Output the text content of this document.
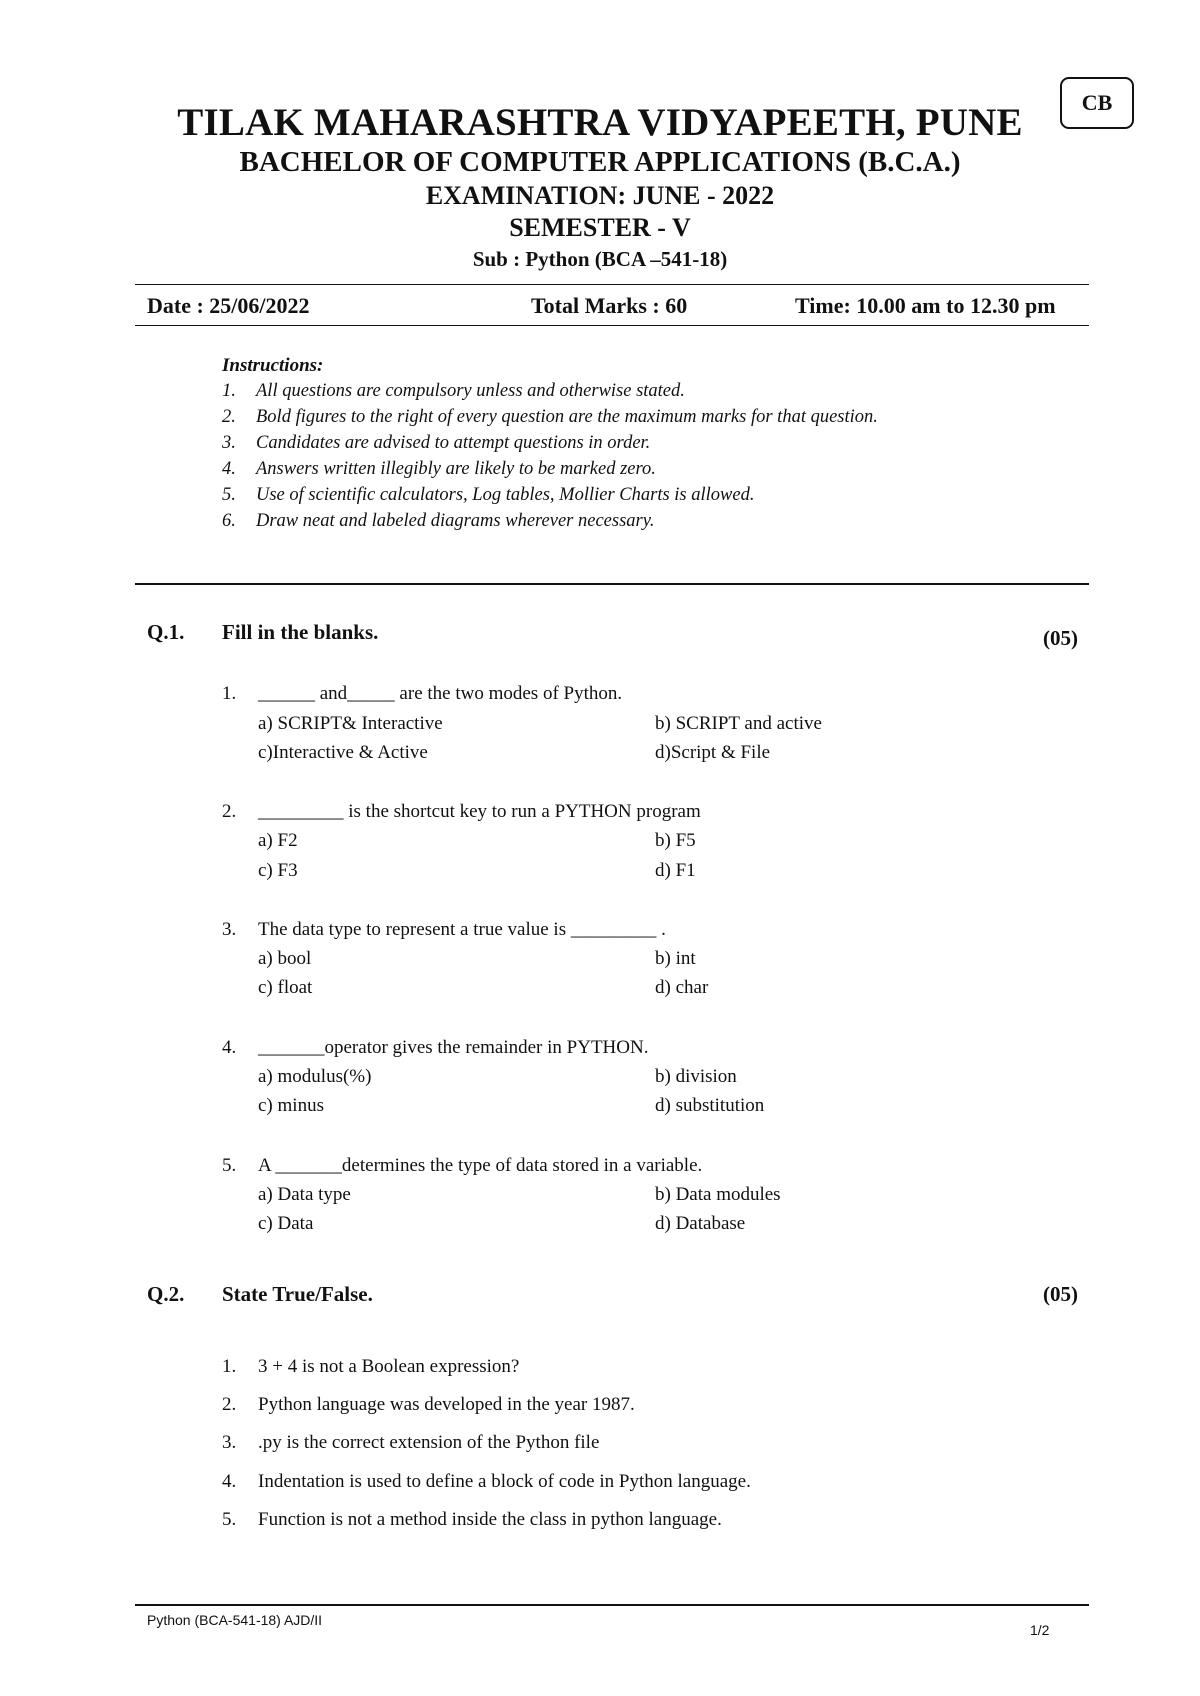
CB
TILAK MAHARASHTRA VIDYAPEETH, PUNE
BACHELOR OF COMPUTER APPLICATIONS (B.C.A.)
EXAMINATION: JUNE - 2022
SEMESTER - V
Sub : Python (BCA –541-18)
Date : 25/06/2022	Total Marks : 60	Time: 10.00 am to 12.30 pm
Instructions:
1. All questions are compulsory unless and otherwise stated.
2. Bold figures to the right of every question are the maximum marks for that question.
3. Candidates are advised to attempt questions in order.
4. Answers written illegibly are likely to be marked zero.
5. Use of scientific calculators, Log tables, Mollier Charts is allowed.
6. Draw neat and labeled diagrams wherever necessary.
Q.1. Fill in the blanks.	(05)
1. ______ and_____ are the two modes of Python.
a) SCRIPT& Interactive	b) SCRIPT and active
c)Interactive & Active	d)Script & File
2. _________ is the shortcut key to run a PYTHON program
a) F2	b) F5
c) F3	d) F1
3. The data type to represent a true value is _________ .
a) bool	b) int
c) float	d) char
4. _______operator gives the remainder in PYTHON.
a) modulus(%)	b) division
c) minus	d) substitution
5. A _______determines the type of data stored in a variable.
a) Data type	b) Data modules
c) Data	d) Database
Q.2. State True/False.	(05)
1. 3 + 4 is not a Boolean expression?
2. Python language was developed in the year 1987.
3. .py is the correct extension of the Python file
4. Indentation is used to define a block of code in Python language.
5. Function is not a method inside the class in python language.
Python (BCA-541-18) AJD/II
1/2
